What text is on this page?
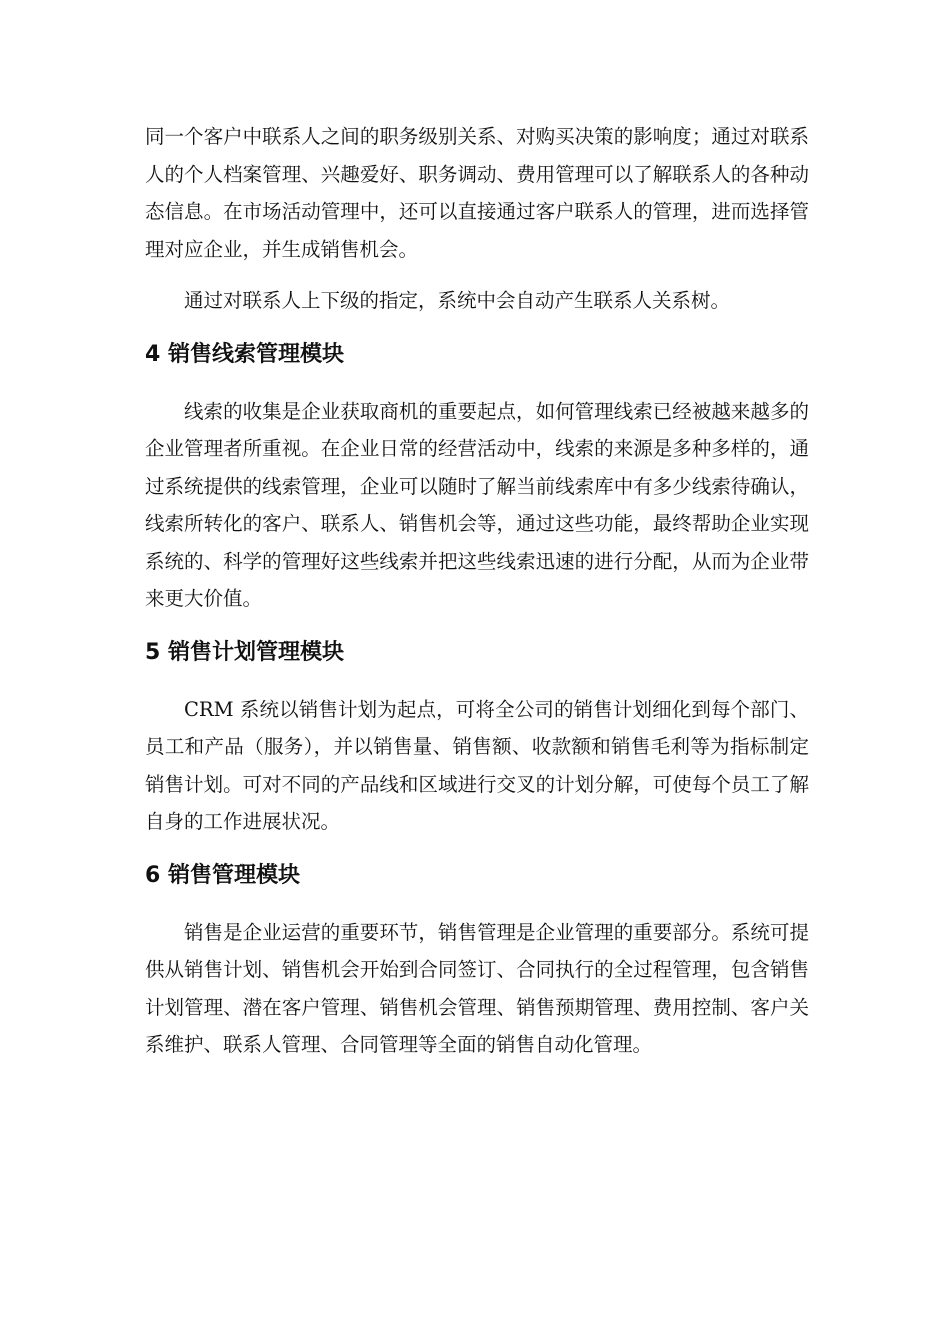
同一个客户中联系人之间的职务级别关系、对购买决策的影响度；通过对联系人的个人档案管理、兴趣爱好、职务调动、费用管理可以了解联系人的各种动态信息。在市场活动管理中，还可以直接通过客户联系人的管理，进而选择管理对应企业，并生成销售机会。

通过对联系人上下级的指定，系统中会自动产生联系人关系树。

4 销售线索管理模块

线索的收集是企业获取商机的重要起点，如何管理线索已经被越来越多的企业管理者所重视。在企业日常的经营活动中，线索的来源是多种多样的，通过系统提供的线索管理，企业可以随时了解当前线索库中有多少线索待确认，线索所转化的客户、联系人、销售机会等，通过这些功能，最终帮助企业实现系统的、科学的管理好这些线索并把这些线索迅速的进行分配，从而为企业带来更大价值。

5 销售计划管理模块

CRM 系统以销售计划为起点，可将全公司的销售计划细化到每个部门、员工和产品（服务），并以销售量、销售额、收款额和销售毛利等为指标制定销售计划。可对不同的产品线和区域进行交叉的计划分解，可使每个员工了解自身的工作进展状况。

6 销售管理模块

销售是企业运营的重要环节，销售管理是企业管理的重要部分。系统可提供从销售计划、销售机会开始到合同签订、合同执行的全过程管理，包含销售计划管理、潜在客户管理、销售机会管理、销售预期管理、费用控制、客户关系维护、联系人管理、合同管理等全面的销售自动化管理。
